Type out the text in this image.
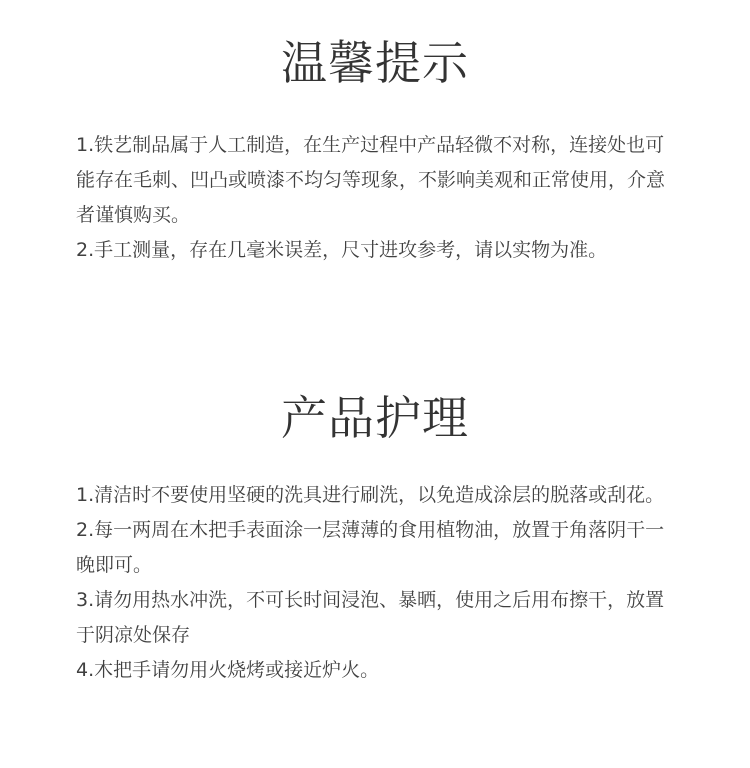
温馨提示
1.铁艺制品属于人工制造，在生产过程中产品轻微不对称，连接处也可能存在毛刺、凹凸或喷漆不均匀等现象，不影响美观和正常使用，介意者谨慎购买。
2.手工测量，存在几毫米误差，尺寸进攻参考，请以实物为准。
产品护理
1.清洁时不要使用坚硬的洗具进行刷洗，以免造成涂层的脱落或刮花。
2.每一两周在木把手表面涂一层薄薄的食用植物油，放置于角落阴干一晚即可。
3.请勿用热水冲洗，不可长时间浸泡、暴晒，使用之后用布擦干，放置于阴凉处保存
4.木把手请勿用火烧烤或接近炉火。
